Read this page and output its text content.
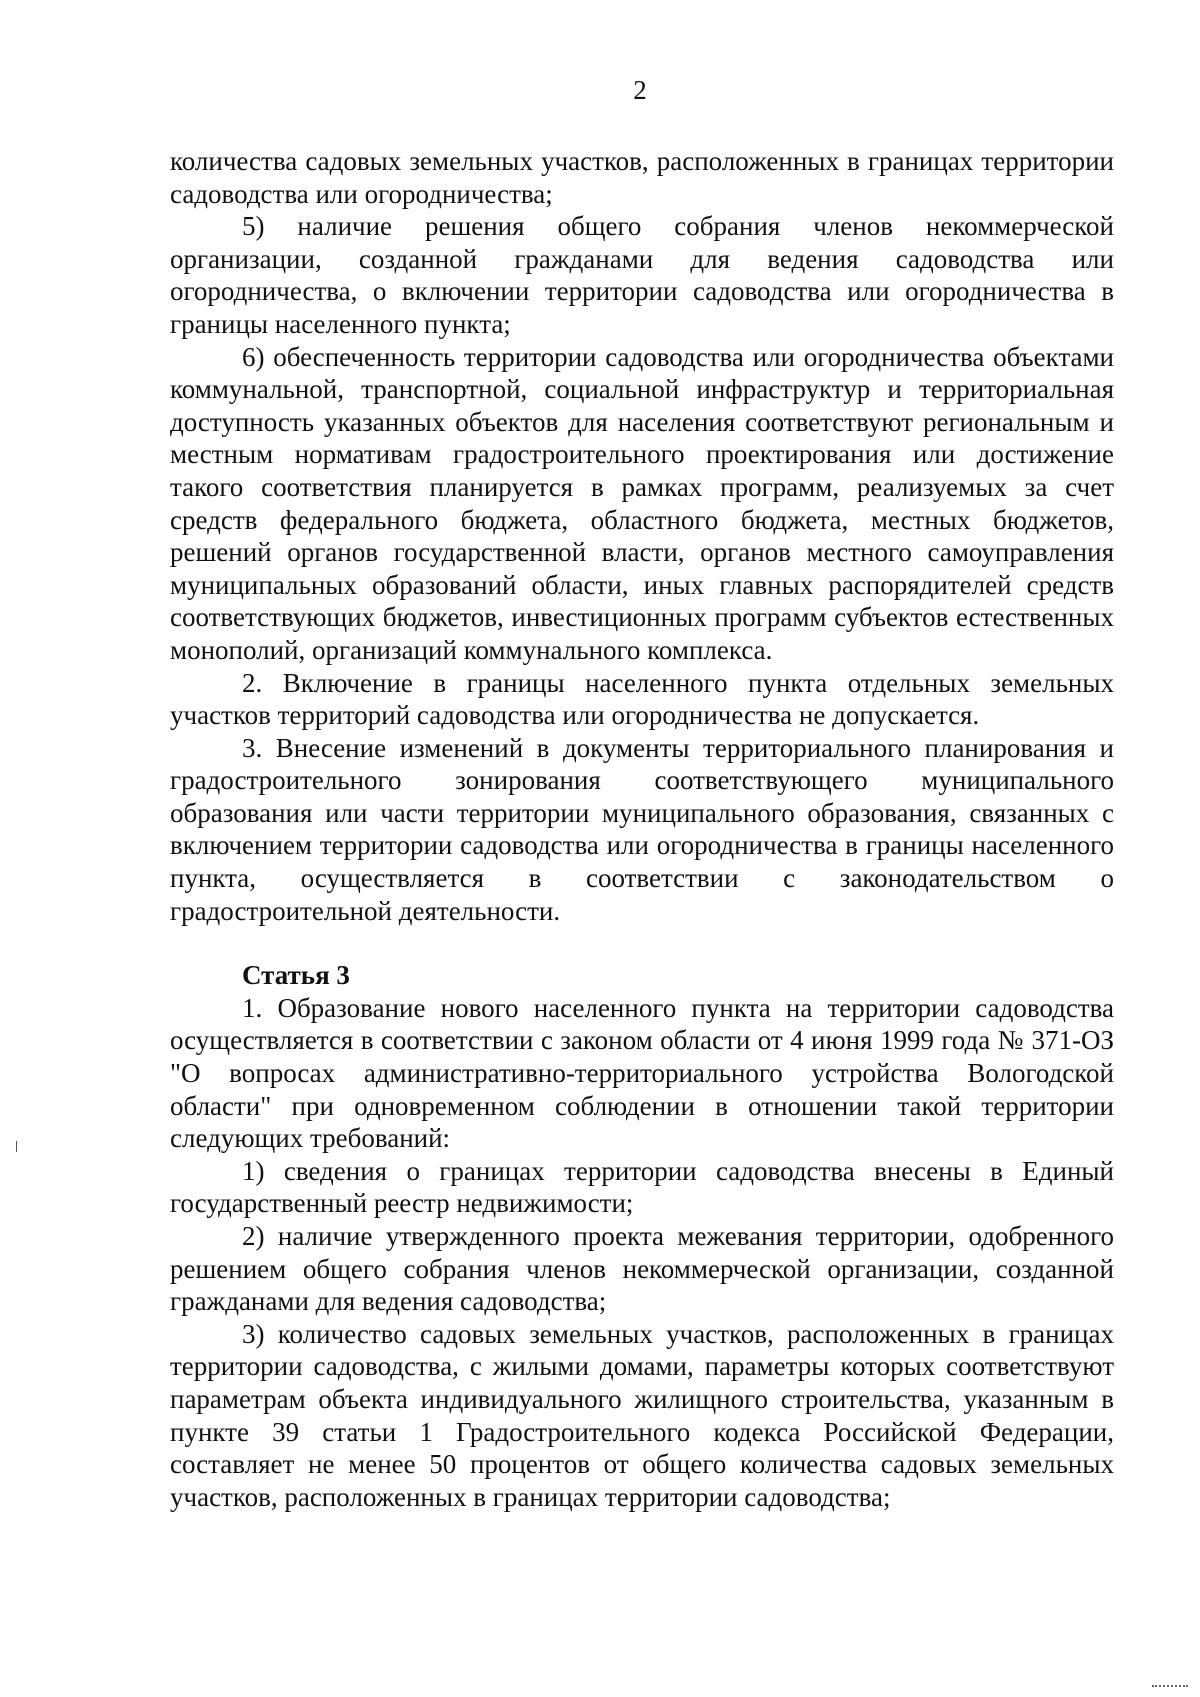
2

количества садовых земельных участков, расположенных в границах территории садоводства или огородничества;

5) наличие решения общего собрания членов некоммерческой организации, созданной гражданами для ведения садоводства или огородничества, о включении территории садоводства или огородничества в границы населенного пункта;

6) обеспеченность территории садоводства или огородничества объектами коммунальной, транспортной, социальной инфраструктур и территориальная доступность указанных объектов для населения соответствуют региональным и местным нормативам градостроительного проектирования или достижение такого соответствия планируется в рамках программ, реализуемых за счет средств федерального бюджета, областного бюджета, местных бюджетов, решений органов государственной власти, органов местного самоуправления муниципальных образований области, иных главных распорядителей средств соответствующих бюджетов, инвестиционных программ субъектов естественных монополий, организаций коммунального комплекса.

2. Включение в границы населенного пункта отдельных земельных участков территорий садоводства или огородничества не допускается.

3. Внесение изменений в документы территориального планирования и градостроительного зонирования соответствующего муниципального образования или части территории муниципального образования, связанных с включением территории садоводства или огородничества в границы населенного пункта, осуществляется в соответствии с законодательством о градостроительной деятельности.

Статья 3

1. Образование нового населенного пункта на территории садоводства осуществляется в соответствии с законом области от 4 июня 1999 года № 371-ОЗ "О вопросах административно-территориального устройства Вологодской области" при одновременном соблюдении в отношении такой территории следующих требований:

1) сведения о границах территории садоводства внесены в Единый государственный реестр недвижимости;

2) наличие утвержденного проекта межевания территории, одобренного решением общего собрания членов некоммерческой организации, созданной гражданами для ведения садоводства;

3) количество садовых земельных участков, расположенных в границах территории садоводства, с жилыми домами, параметры которых соответствуют параметрам объекта индивидуального жилищного строительства, указанным в пункте 39 статьи 1 Градостроительного кодекса Российской Федерации, составляет не менее 50 процентов от общего количества садовых земельных участков, расположенных в границах территории садоводства;
